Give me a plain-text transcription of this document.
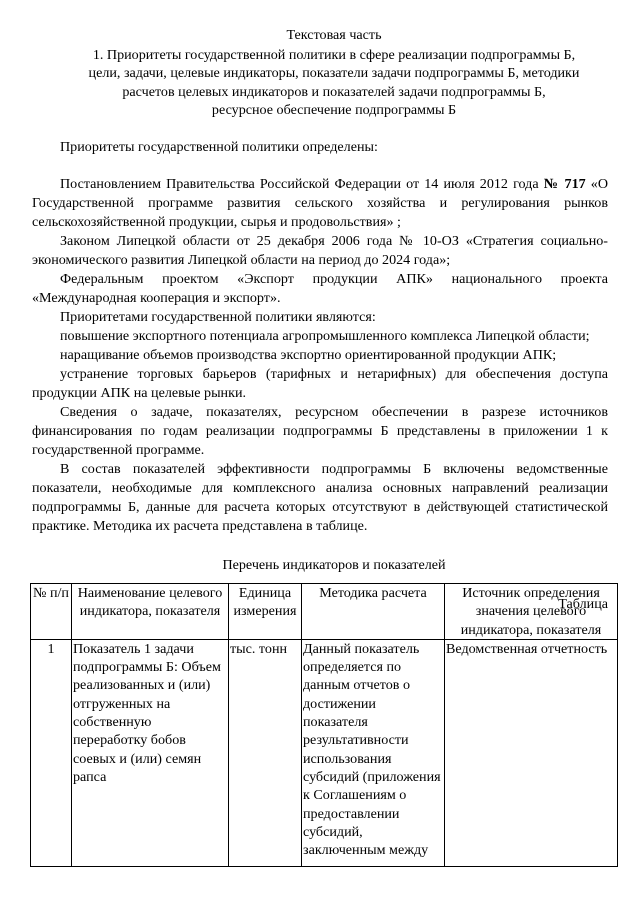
Текстовая часть
1. Приоритеты государственной политики в сфере реализации подпрограммы Б,
цели, задачи, целевые индикаторы, показатели задачи подпрограммы Б, методики
расчетов целевых индикаторов и показателей задачи подпрограммы Б,
ресурсное обеспечение подпрограммы Б
Приоритеты государственной политики определены:
Постановлением Правительства Российской Федерации от 14 июля 2012 года № 717 «О Государственной программе развития сельского хозяйства и регулирования рынков сельскохозяйственной продукции, сырья и продовольствия» ;
Законом Липецкой области от 25 декабря 2006 года № 10-ОЗ «Стратегия социально-экономического развития Липецкой области на период до 2024 года»;
Федеральным проектом «Экспорт продукции АПК» национального проекта «Международная кооперация и экспорт».
Приоритетами государственной политики являются:
повышение экспортного потенциала агропромышленного комплекса Липецкой области;
наращивание объемов производства экспортно ориентированной продукции АПК;
устранение торговых барьеров (тарифных и нетарифных) для обеспечения доступа продукции АПК на целевые рынки.
Сведения о задаче, показателях, ресурсном обеспечении в разрезе источников финансирования по годам реализации подпрограммы Б представлены в приложении 1 к государственной программе.
В состав показателей эффективности подпрограммы Б включены ведомственные показатели, необходимые для комплексного анализа основных направлений реализации подпрограммы Б, данные для расчета которых отсутствуют в действующей статистической практике. Методика их расчета представлена в таблице.
Перечень индикаторов и показателей
Таблица
№ п/п	Наименование целевого индикатора, показателя	Единица измерения	Методика расчета	Источник определения значения целевого индикатора, показателя
1	Показатель 1 задачи подпрограммы Б: Объем реализованных и (или) отгруженных на собственную переработку бобов соевых и (или) семян рапса	тыс. тонн	Данный показатель определяется по данным отчетов о достижении показателя результативности использования субсидий (приложения к Соглашениям о предоставлении субсидий, заключенным между	Ведомственная отчетность
